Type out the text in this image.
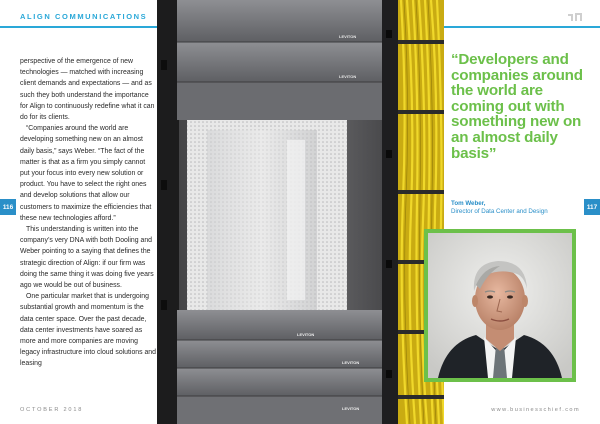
ALIGN COMMUNICATIONS

perspective of the emergence of new technologies — matched with increasing client demands and expectations — and as such they both understand the importance for Align to continuously redefine what it can do for its clients.

“Companies around the world are developing something new on an almost daily basis,” says Weber. “The fact of the matter is that as a firm you simply cannot put your focus into every new solution or product. You have to select the right ones and develop solutions that allow our customers to maximize the efficiencies that these new technologies afford.”

This understanding is written into the company’s very DNA with both Dooling and Weber pointing to a saying that defines the strategic direction of Align: if our firm was doing the same thing it was doing five years ago we would be out of business.

One particular market that is undergoing substantial growth and momentum is the data center space. Over the past decade, data center investments have soared as more and more companies are moving legacy infrastructure into cloud solutions and leasing

116	117
OCTOBER 2018	www.businesschief.com
LEVITON
LEVITON
LEVITON
LEVITON
LEVITON
“Developers and companies around the world are coming out with something new on an almost daily basis”
Tom Weber,
Director of Data Center and Design
